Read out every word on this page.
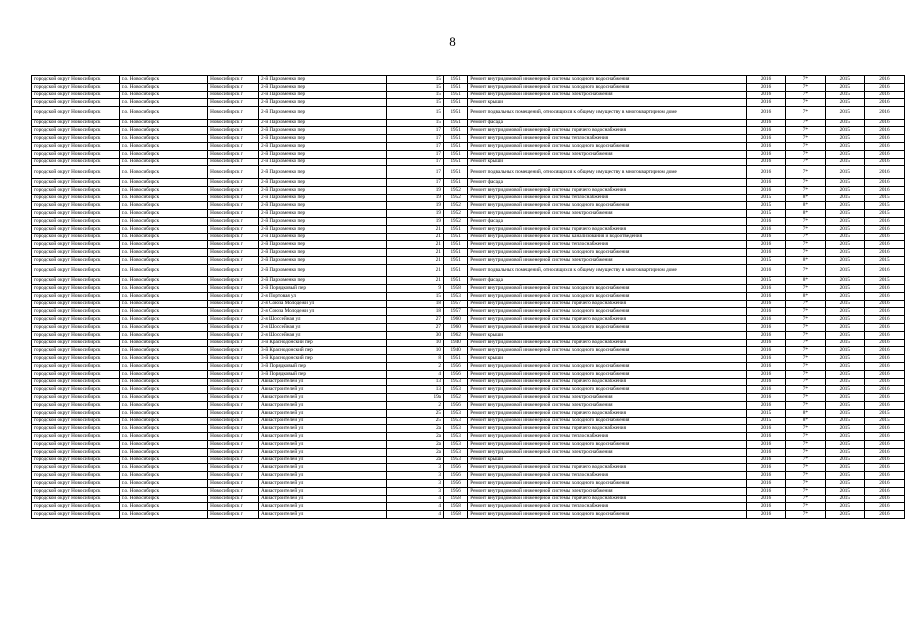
8
городской округ Новосибирск	г.о. Новосибирск	Новосибирск г	2-й Пархоменко пер	15	1951	Ремонт внутридомовой инженерной системы холодного водоснабжения	2016	7*	2015	2016
городской округ Новосибирск	г.о. Новосибирск	Новосибирск г	2-й Пархоменко пер	15	1951	Ремонт внутридомовой инженерной системы холодного водоснабжения	2016	7*	2015	2016
городской округ Новосибирск	г.о. Новосибирск	Новосибирск г	2-й Пархоменко пер	15	1951	Ремонт внутридомовой инженерной системы электроснабжения	2016	7*	2015	2016
городской округ Новосибирск	г.о. Новосибирск	Новосибирск г	2-й Пархоменко пер	15	1951	Ремонт крыши	2016	7*	2015	2016
городской округ Новосибирск	г.о. Новосибирск	Новосибирск г	2-й Пархоменко пер	15	1951	Ремонт подвальных помещений, относящихся к общему имуществу в многоквартирном доме	2016	7*	2015	2016
городской округ Новосибирск	г.о. Новосибирск	Новосибирск г	2-й Пархоменко пер	15	1951	Ремонт фасада	2016	7*	2015	2016
городской округ Новосибирск	г.о. Новосибирск	Новосибирск г	2-й Пархоменко пер	17	1951	Ремонт внутридомовой инженерной системы горячего водоснабжения	2016	7*	2015	2016
городской округ Новосибирск	г.о. Новосибирск	Новосибирск г	2-й Пархоменко пер	17	1951	Ремонт внутридомовой инженерной системы теплоснабжения	2016	7*	2015	2016
городской округ Новосибирск	г.о. Новосибирск	Новосибирск г	2-й Пархоменко пер	17	1951	Ремонт внутридомовой инженерной системы холодного водоснабжения	2016	7*	2015	2016
городской округ Новосибирск	г.о. Новосибирск	Новосибирск г	2-й Пархоменко пер	17	1951	Ремонт внутридомовой инженерной системы электроснабжения	2016	7*	2015	2016
городской округ Новосибирск	г.о. Новосибирск	Новосибирск г	2-й Пархоменко пер	17	1951	Ремонт крыши	2016	7*	2015	2016
городской округ Новосибирск	г.о. Новосибирск	Новосибирск г	2-й Пархоменко пер	17	1951	Ремонт подвальных помещений, относящихся к общему имуществу в многоквартирном доме	2016	7*	2015	2016
городской округ Новосибирск	г.о. Новосибирск	Новосибирск г	2-й Пархоменко пер	17	1951	Ремонт фасада	2016	7*	2015	2016
городской округ Новосибирск	г.о. Новосибирск	Новосибирск г	2-й Пархоменко пер	19	1952	Ремонт внутридомовой инженерной системы горячего водоснабжения	2016	7*	2015	2016
городской округ Новосибирск	г.о. Новосибирск	Новосибирск г	2-й Пархоменко пер	19	1952	Ремонт внутридомовой инженерной системы теплоснабжения	2015	8*	2015	2015
городской округ Новосибирск	г.о. Новосибирск	Новосибирск г	2-й Пархоменко пер	19	1952	Ремонт внутридомовой инженерной системы холодного водоснабжения	2015	8*	2015	2015
городской округ Новосибирск	г.о. Новосибирск	Новосибирск г	2-й Пархоменко пер	19	1952	Ремонт внутридомовой инженерной системы электроснабжения	2015	8*	2015	2015
городской округ Новосибирск	г.о. Новосибирск	Новосибирск г	2-й Пархоменко пер	19	1952	Ремонт фасада	2016	7*	2015	2016
городской округ Новосибирск	г.о. Новосибирск	Новосибирск г	2-й Пархоменко пер	21	1951	Ремонт внутридомовой инженерной системы горячего водоснабжения	2016	7*	2015	2016
городской округ Новосибирск	г.о. Новосибирск	Новосибирск г	2-й Пархоменко пер	21	1951	Ремонт внутридомовой инженерной системы канализования и водоотведения	2016	7*	2015	2016
городской округ Новосибирск	г.о. Новосибирск	Новосибирск г	2-й Пархоменко пер	21	1951	Ремонт внутридомовой инженерной системы теплоснабжения	2016	7*	2015	2016
городской округ Новосибирск	г.о. Новосибирск	Новосибирск г	2-й Пархоменко пер	21	1951	Ремонт внутридомовой инженерной системы холодного водоснабжения	2016	7*	2015	2016
городской округ Новосибирск	г.о. Новосибирск	Новосибирск г	2-й Пархоменко пер	21	1951	Ремонт внутридомовой инженерной системы электроснабжения	2015	8*	2015	2015
городской округ Новосибирск	г.о. Новосибирск	Новосибирск г	2-й Пархоменко пер	21	1951	Ремонт подвальных помещений, относящихся к общему имуществу в многоквартирном доме	2016	7*	2015	2016
городской округ Новосибирск	г.о. Новосибирск	Новосибирск г	2-й Пархоменко пер	21	1951	Ремонт фасада	2015	8*	2015	2015
городской округ Новосибирск	г.о. Новосибирск	Новосибирск г	2-й Порядковый пер	9	1958	Ремонт внутридомовой инженерной системы холодного водоснабжения	2016	7*	2015	2016
городской округ Новосибирск	г.о. Новосибирск	Новосибирск г	2-я Портовая ул	15	1953	Ремонт внутридомовой инженерной системы холодного водоснабжения	2016	8*	2015	2016
городской округ Новосибирск	г.о. Новосибирск	Новосибирск г	2-я Союза Молодежи ул	18	1957	Ремонт внутридомовой инженерной системы горячего водоснабжения	2016	7*	2015	2016
городской округ Новосибирск	г.о. Новосибирск	Новосибирск г	2-я Союза Молодежи ул	18	1957	Ремонт внутридомовой инженерной системы холодного водоснабжения	2016	7*	2015	2016
городской округ Новосибирск	г.о. Новосибирск	Новосибирск г	2-я Шоссейная ул	27	1960	Ремонт внутридомовой инженерной системы горячего водоснабжения	2016	7*	2015	2016
городской округ Новосибирск	г.о. Новосибирск	Новосибирск г	2-я Шоссейная ул	27	1960	Ремонт внутридомовой инженерной системы холодного водоснабжения	2016	7*	2015	2016
городской округ Новосибирск	г.о. Новосибирск	Новосибирск г	2-я Шоссейная ул	30	1962	Ремонт крыши	2016	7*	2015	2016
городской округ Новосибирск	г.о. Новосибирск	Новосибирск г	3-й Краснодонский пер	10	1940	Ремонт внутридомовой инженерной системы горячего водоснабжения	2016	7*	2015	2016
городской округ Новосибирск	г.о. Новосибирск	Новосибирск г	3-й Краснодонский пер	10	1940	Ремонт внутридомовой инженерной системы холодного водоснабжения	2016	7*	2015	2016
городской округ Новосибирск	г.о. Новосибирск	Новосибирск г	3-й Краснодонский пер	8	1951	Ремонт крыши	2016	7*	2015	2016
городской округ Новосибирск	г.о. Новосибирск	Новосибирск г	3-й Порядковый пер	2	1956	Ремонт внутридомовой инженерной системы холодного водоснабжения	2016	7*	2015	2016
городской округ Новосибирск	г.о. Новосибирск	Новосибирск г	3-й Порядковый пер	4	1956	Ремонт внутридомовой инженерной системы холодного водоснабжения	2016	7*	2015	2016
городской округ Новосибирск	г.о. Новосибирск	Новосибирск г	Авиастроителей ул	13	1953	Ремонт внутридомовой инженерной системы горячего водоснабжения	2016	7*	2015	2016
городской округ Новосибирск	г.о. Новосибирск	Новосибирск г	Авиастроителей ул	13	1953	Ремонт внутридомовой инженерной системы холодного водоснабжения	2016	7*	2015	2016
городской округ Новосибирск	г.о. Новосибирск	Новосибирск г	Авиастроителей ул	19а	1952	Ремонт внутридомовой инженерной системы электроснабжения	2016	7*	2015	2016
городской округ Новосибирск	г.о. Новосибирск	Новосибирск г	Авиастроителей ул	2	1956	Ремонт внутридомовой инженерной системы электроснабжения	2016	7*	2015	2016
городской округ Новосибирск	г.о. Новосибирск	Новосибирск г	Авиастроителей ул	25	1953	Ремонт внутридомовой инженерной системы горячего водоснабжения	2015	8*	2015	2015
городской округ Новосибирск	г.о. Новосибирск	Новосибирск г	Авиастроителей ул	25	1953	Ремонт внутридомовой инженерной системы холодного водоснабжения	2015	8*	2015	2015
городской округ Новосибирск	г.о. Новосибирск	Новосибирск г	Авиастроителей ул	2а	1953	Ремонт внутридомовой инженерной системы горячего водоснабжения	2016	7*	2015	2016
городской округ Новосибирск	г.о. Новосибирск	Новосибирск г	Авиастроителей ул	2а	1953	Ремонт внутридомовой инженерной системы теплоснабжения	2016	7*	2015	2016
городской округ Новосибирск	г.о. Новосибирск	Новосибирск г	Авиастроителей ул	2а	1953	Ремонт внутридомовой инженерной системы холодного водоснабжения	2016	7*	2015	2016
городской округ Новосибирск	г.о. Новосибирск	Новосибирск г	Авиастроителей ул	2а	1953	Ремонт внутридомовой инженерной системы электроснабжения	2016	7*	2015	2016
городской округ Новосибирск	г.о. Новосибирск	Новосибирск г	Авиастроителей ул	2а	1953	Ремонт крыши	2016	7*	2015	2016
городской округ Новосибирск	г.о. Новосибирск	Новосибирск г	Авиастроителей ул	3	1956	Ремонт внутридомовой инженерной системы горячего водоснабжения	2016	7*	2015	2016
городской округ Новосибирск	г.о. Новосибирск	Новосибирск г	Авиастроителей ул	3	1956	Ремонт внутридомовой инженерной системы теплоснабжения	2016	7*	2015	2016
городской округ Новосибирск	г.о. Новосибирск	Новосибирск г	Авиастроителей ул	3	1956	Ремонт внутридомовой инженерной системы холодного водоснабжения	2016	7*	2015	2016
городской округ Новосибирск	г.о. Новосибирск	Новосибирск г	Авиастроителей ул	3	1956	Ремонт внутридомовой инженерной системы электроснабжения	2016	7*	2015	2016
городской округ Новосибирск	г.о. Новосибирск	Новосибирск г	Авиастроителей ул	4	1958	Ремонт внутридомовой инженерной системы горячего водоснабжения	2016	7*	2015	2016
городской округ Новосибирск	г.о. Новосибирск	Новосибирск г	Авиастроителей ул	4	1958	Ремонт внутридомовой инженерной системы теплоснабжения	2016	7*	2015	2016
городской округ Новосибирск	г.о. Новосибирск	Новосибирск г	Авиастроителей ул	4	1958	Ремонт внутридомовой инженерной системы холодного водоснабжения	2016	7*	2015	2016
